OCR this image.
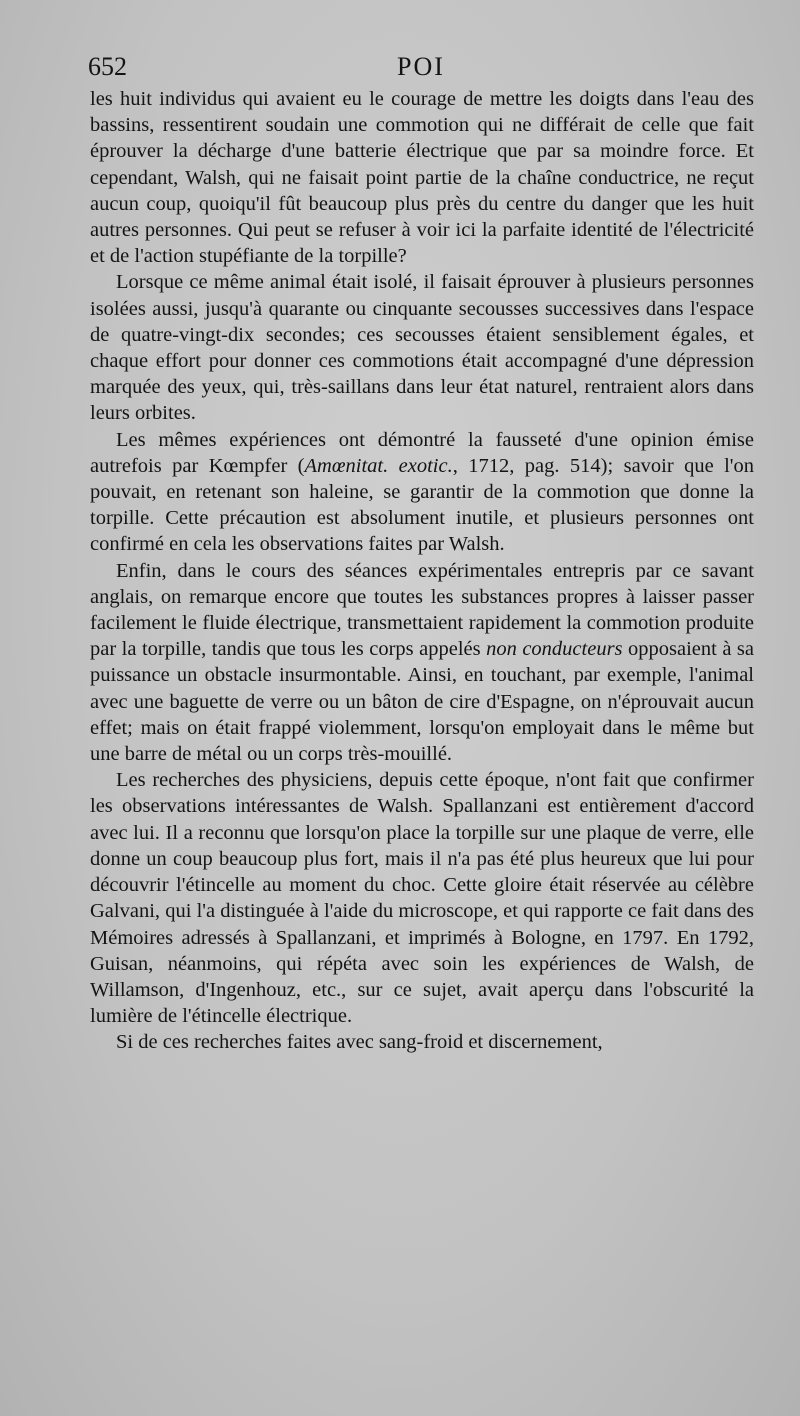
652	POI

les huit individus qui avaient eu le courage de mettre les doigts dans l'eau des bassins, ressentirent soudain une commotion qui ne différait de celle que fait éprouver la décharge d'une batterie électrique que par sa moindre force. Et cependant, Walsh, qui ne faisait point partie de la chaîne conductrice, ne reçut aucun coup, quoiqu'il fût beaucoup plus près du centre du danger que les huit autres personnes. Qui peut se refuser à voir ici la parfaite identité de l'électricité et de l'action stupéfiante de la torpille?

Lorsque ce même animal était isolé, il faisait éprouver à plusieurs personnes isolées aussi, jusqu'à quarante ou cinquante secousses successives dans l'espace de quatre-vingt-dix secondes; ces secousses étaient sensiblement égales, et chaque effort pour donner ces commotions était accompagné d'une dépression marquée des yeux, qui, très-saillans dans leur état naturel, rentraient alors dans leurs orbites.

Les mêmes expériences ont démontré la fausseté d'une opinion émise autrefois par Kœmpfer (Amœnitat. exotic., 1712, pag. 514); savoir que l'on pouvait, en retenant son haleine, se garantir de la commotion que donne la torpille. Cette précaution est absolument inutile, et plusieurs personnes ont confirmé en cela les observations faites par Walsh.

Enfin, dans le cours des séances expérimentales entrepris par ce savant anglais, on remarque encore que toutes les substances propres à laisser passer facilement le fluide électrique, transmettaient rapidement la commotion produite par la torpille, tandis que tous les corps appelés non conducteurs opposaient à sa puissance un obstacle insurmontable. Ainsi, en touchant, par exemple, l'animal avec une baguette de verre ou un bâton de cire d'Espagne, on n'éprouvait aucun effet; mais on était frappé violemment, lorsqu'on employait dans le même but une barre de métal ou un corps très-mouillé.

Les recherches des physiciens, depuis cette époque, n'ont fait que confirmer les observations intéressantes de Walsh. Spallanzani est entièrement d'accord avec lui. Il a reconnu que lorsqu'on place la torpille sur une plaque de verre, elle donne un coup beaucoup plus fort, mais il n'a pas été plus heureux que lui pour découvrir l'étincelle au moment du choc. Cette gloire était réservée au célèbre Galvani, qui l'a distinguée à l'aide du microscope, et qui rapporte ce fait dans des Mémoires adressés à Spallanzani, et imprimés à Bologne, en 1797. En 1792, Guisan, néanmoins, qui répéta avec soin les expériences de Walsh, de Willamson, d'Ingenhouz, etc., sur ce sujet, avait aperçu dans l'obscurité la lumière de l'étincelle électrique.

Si de ces recherches faites avec sang-froid et discernement,
